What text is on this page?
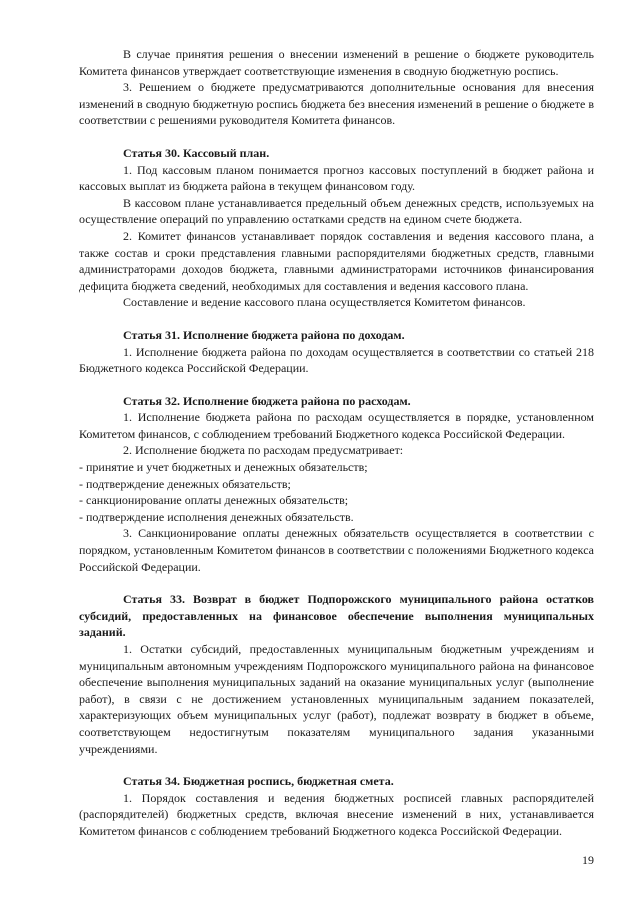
В случае принятия решения о внесении изменений в решение о бюджете руководитель Комитета финансов утверждает соответствующие изменения в сводную бюджетную роспись.

3. Решением о бюджете предусматриваются дополнительные основания для внесения изменений в сводную бюджетную роспись бюджета без внесения изменений в решение о бюджете в соответствии с решениями руководителя Комитета финансов.

Статья 30. Кассовый план.

1. Под кассовым планом понимается прогноз кассовых поступлений в бюджет района и кассовых выплат из бюджета района в текущем финансовом году.

В кассовом плане устанавливается предельный объем денежных средств, используемых на осуществление операций по управлению остатками средств на едином счете бюджета.

2. Комитет финансов устанавливает порядок составления и ведения кассового плана, а также состав и сроки представления главными распорядителями бюджетных средств, главными администраторами доходов бюджета, главными администраторами источников финансирования дефицита бюджета сведений, необходимых для составления и ведения кассового плана.

Составление и ведение кассового плана осуществляется Комитетом финансов.

Статья 31. Исполнение бюджета района по доходам.

1. Исполнение бюджета района по доходам осуществляется в соответствии со статьей 218 Бюджетного кодекса Российской Федерации.

Статья 32. Исполнение бюджета района по расходам.

1. Исполнение бюджета района по расходам осуществляется в порядке, установленном Комитетом финансов, с соблюдением требований Бюджетного кодекса Российской Федерации.

2. Исполнение бюджета по расходам предусматривает:

- принятие и учет бюджетных и денежных обязательств;

- подтверждение денежных обязательств;

- санкционирование оплаты денежных обязательств;

- подтверждение исполнения денежных обязательств.

3. Санкционирование оплаты денежных обязательств осуществляется в соответствии с порядком, установленным Комитетом финансов в соответствии с положениями Бюджетного кодекса Российской Федерации.

Статья 33. Возврат в бюджет Подпорожского муниципального района остатков субсидий, предоставленных на финансовое обеспечение выполнения муниципальных заданий.

1. Остатки субсидий, предоставленных муниципальным бюджетным учреждениям и муниципальным автономным учреждениям Подпорожского муниципального района на финансовое обеспечение выполнения муниципальных заданий на оказание муниципальных услуг (выполнение работ), в связи с не достижением установленных муниципальным заданием показателей, характеризующих объем муниципальных услуг (работ), подлежат возврату в бюджет в объеме, соответствующем недостигнутым показателям муниципального задания указанными учреждениями.

Статья 34. Бюджетная роспись, бюджетная смета.

1. Порядок составления и ведения бюджетных росписей главных распорядителей (распорядителей) бюджетных средств, включая внесение изменений в них, устанавливается Комитетом финансов с соблюдением требований Бюджетного кодекса Российской Федерации.

19
